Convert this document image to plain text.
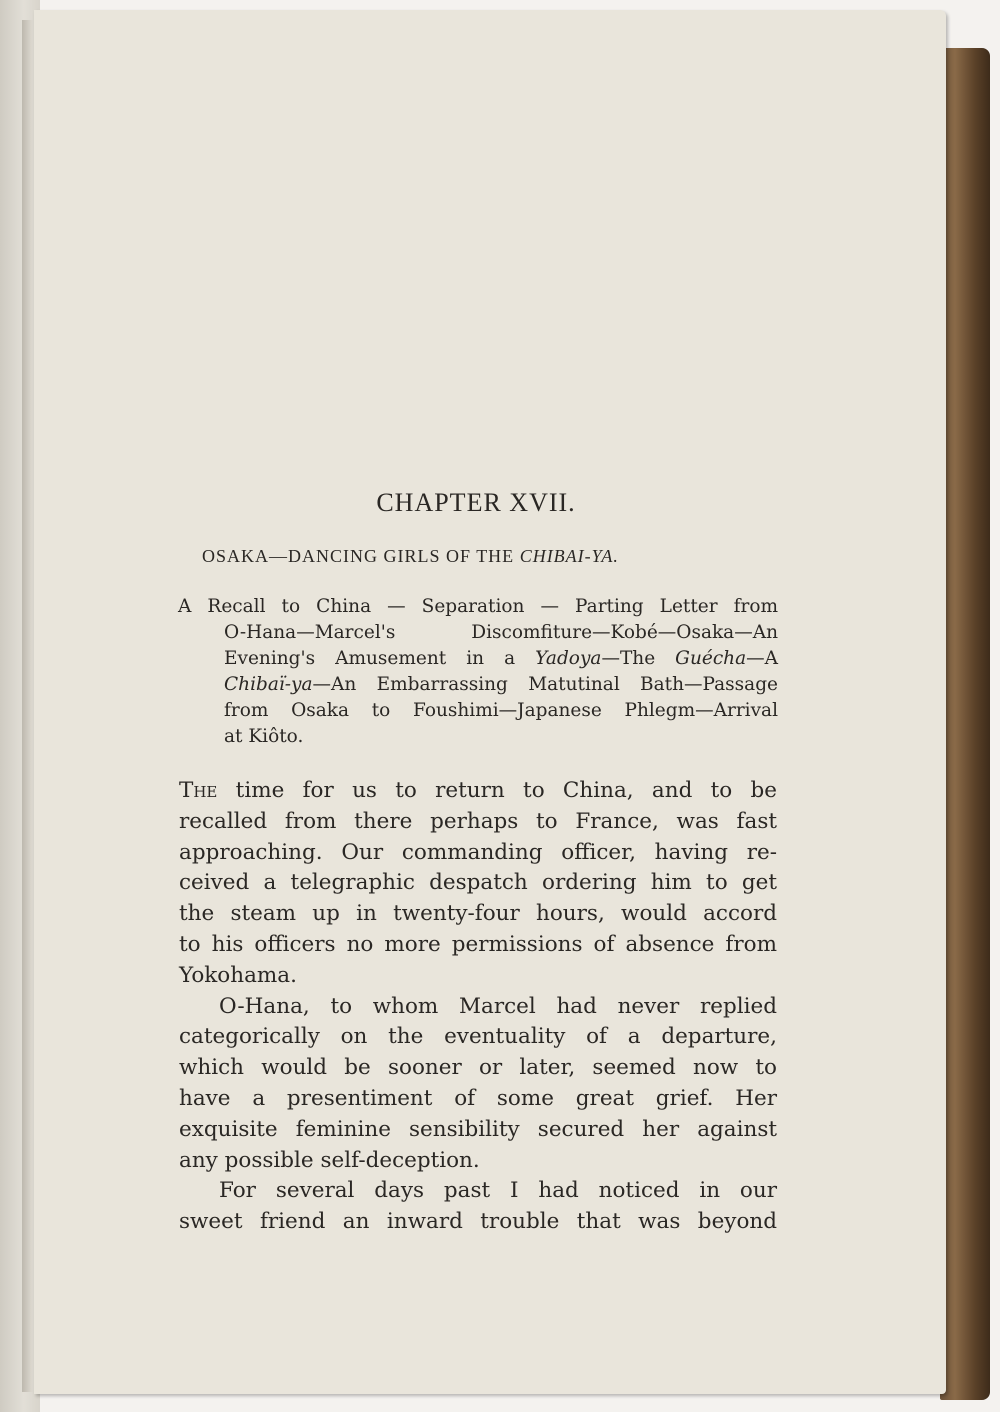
CHAPTER XVII.
OSAKA—DANCING GIRLS OF THE CHIBAI-YA.
A Recall to China — Separation — Parting Letter from
O-Hana—Marcel's Discomfiture—Kobé—Osaka—An
Evening's Amusement in a Yadoya—The Guécha—A
Chibaï-ya—An Embarrassing Matutinal Bath—Passage
from Osaka to Foushimi—Japanese Phlegm—Arrival
at Kiôto.
The time for us to return to China, and to be
recalled from there perhaps to France, was fast
approaching. Our commanding officer, having re-
ceived a telegraphic despatch ordering him to get
the steam up in twenty-four hours, would accord
to his officers no more permissions of absence from
Yokohama.
O-Hana, to whom Marcel had never replied
categorically on the eventuality of a departure,
which would be sooner or later, seemed now to
have a presentiment of some great grief. Her
exquisite feminine sensibility secured her against
any possible self-deception.
For several days past I had noticed in our
sweet friend an inward trouble that was beyond
